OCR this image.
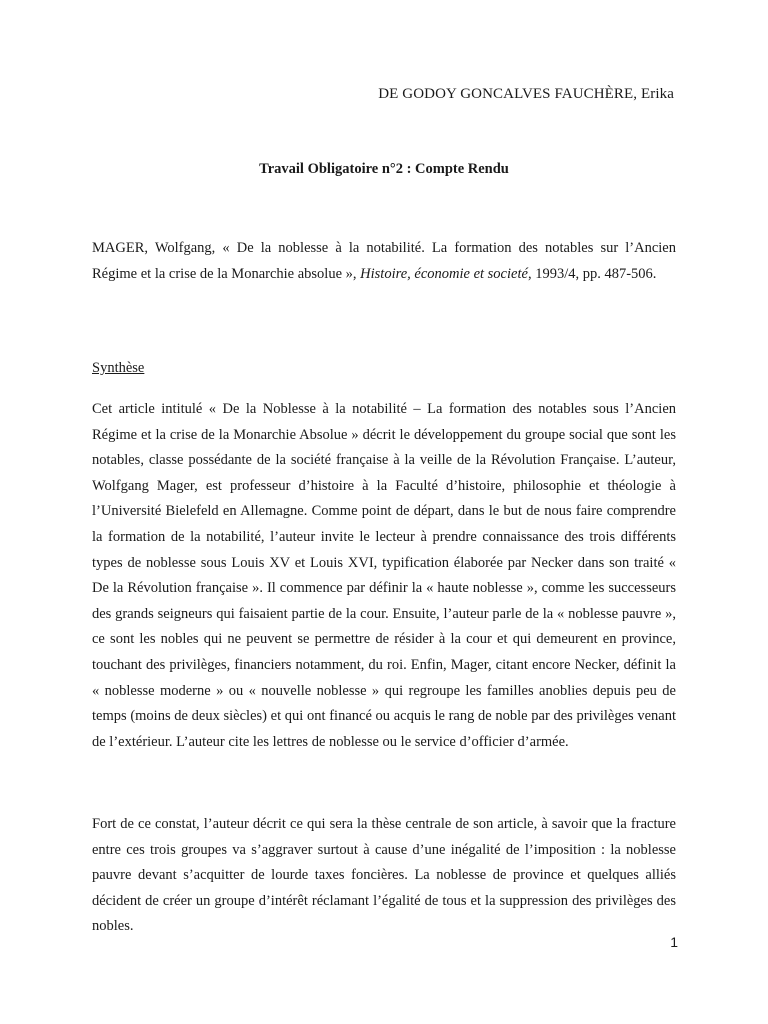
DE GODOY GONCALVES FAUCHÈRE, Erika
Travail Obligatoire n°2 : Compte Rendu
MAGER, Wolfgang, « De la noblesse à la notabilité. La formation des notables sur l’Ancien Régime et la crise de la Monarchie absolue », Histoire, économie et societé, 1993/4, pp. 487-506.
Synthèse

Cet article intitulé « De la Noblesse à la notabilité – La formation des notables sous l’Ancien Régime et la crise de la Monarchie Absolue » décrit le développement du groupe social que sont les notables, classe possédante de la société française à la veille de la Révolution Française. L’auteur, Wolfgang Mager, est professeur d’histoire à la Faculté d’histoire, philosophie et théologie à l’Université Bielefeld en Allemagne. Comme point de départ, dans le but de nous faire comprendre la formation de la notabilité, l’auteur invite le lecteur à prendre connaissance des trois différents types de noblesse sous Louis XV et Louis XVI, typification élaborée par Necker dans son traité « De la Révolution française ». Il commence par définir la « haute noblesse », comme les successeurs des grands seigneurs qui faisaient partie de la cour. Ensuite, l’auteur parle de la « noblesse pauvre », ce sont les nobles qui ne peuvent se permettre de résider à la cour et qui demeurent en province, touchant des privilèges, financiers notamment, du roi. Enfin, Mager, citant encore Necker, définit la « noblesse moderne » ou « nouvelle noblesse » qui regroupe les familles anoblies depuis peu de temps (moins de deux siècles) et qui ont financé ou acquis le rang de noble par des privilèges venant de l’extérieur. L’auteur cite les lettres de noblesse ou le service d’officier d’armée.

Fort de ce constat, l’auteur décrit ce qui sera la thèse centrale de son article, à savoir que la fracture entre ces trois groupes va s’aggraver surtout à cause d’une inégalité de l’imposition : la noblesse pauvre devant s’acquitter de lourde taxes foncières. La noblesse de province et quelques alliés décident de créer un groupe d’intérêt réclamant l’égalité de tous et la suppression des privilèges des nobles.

1
